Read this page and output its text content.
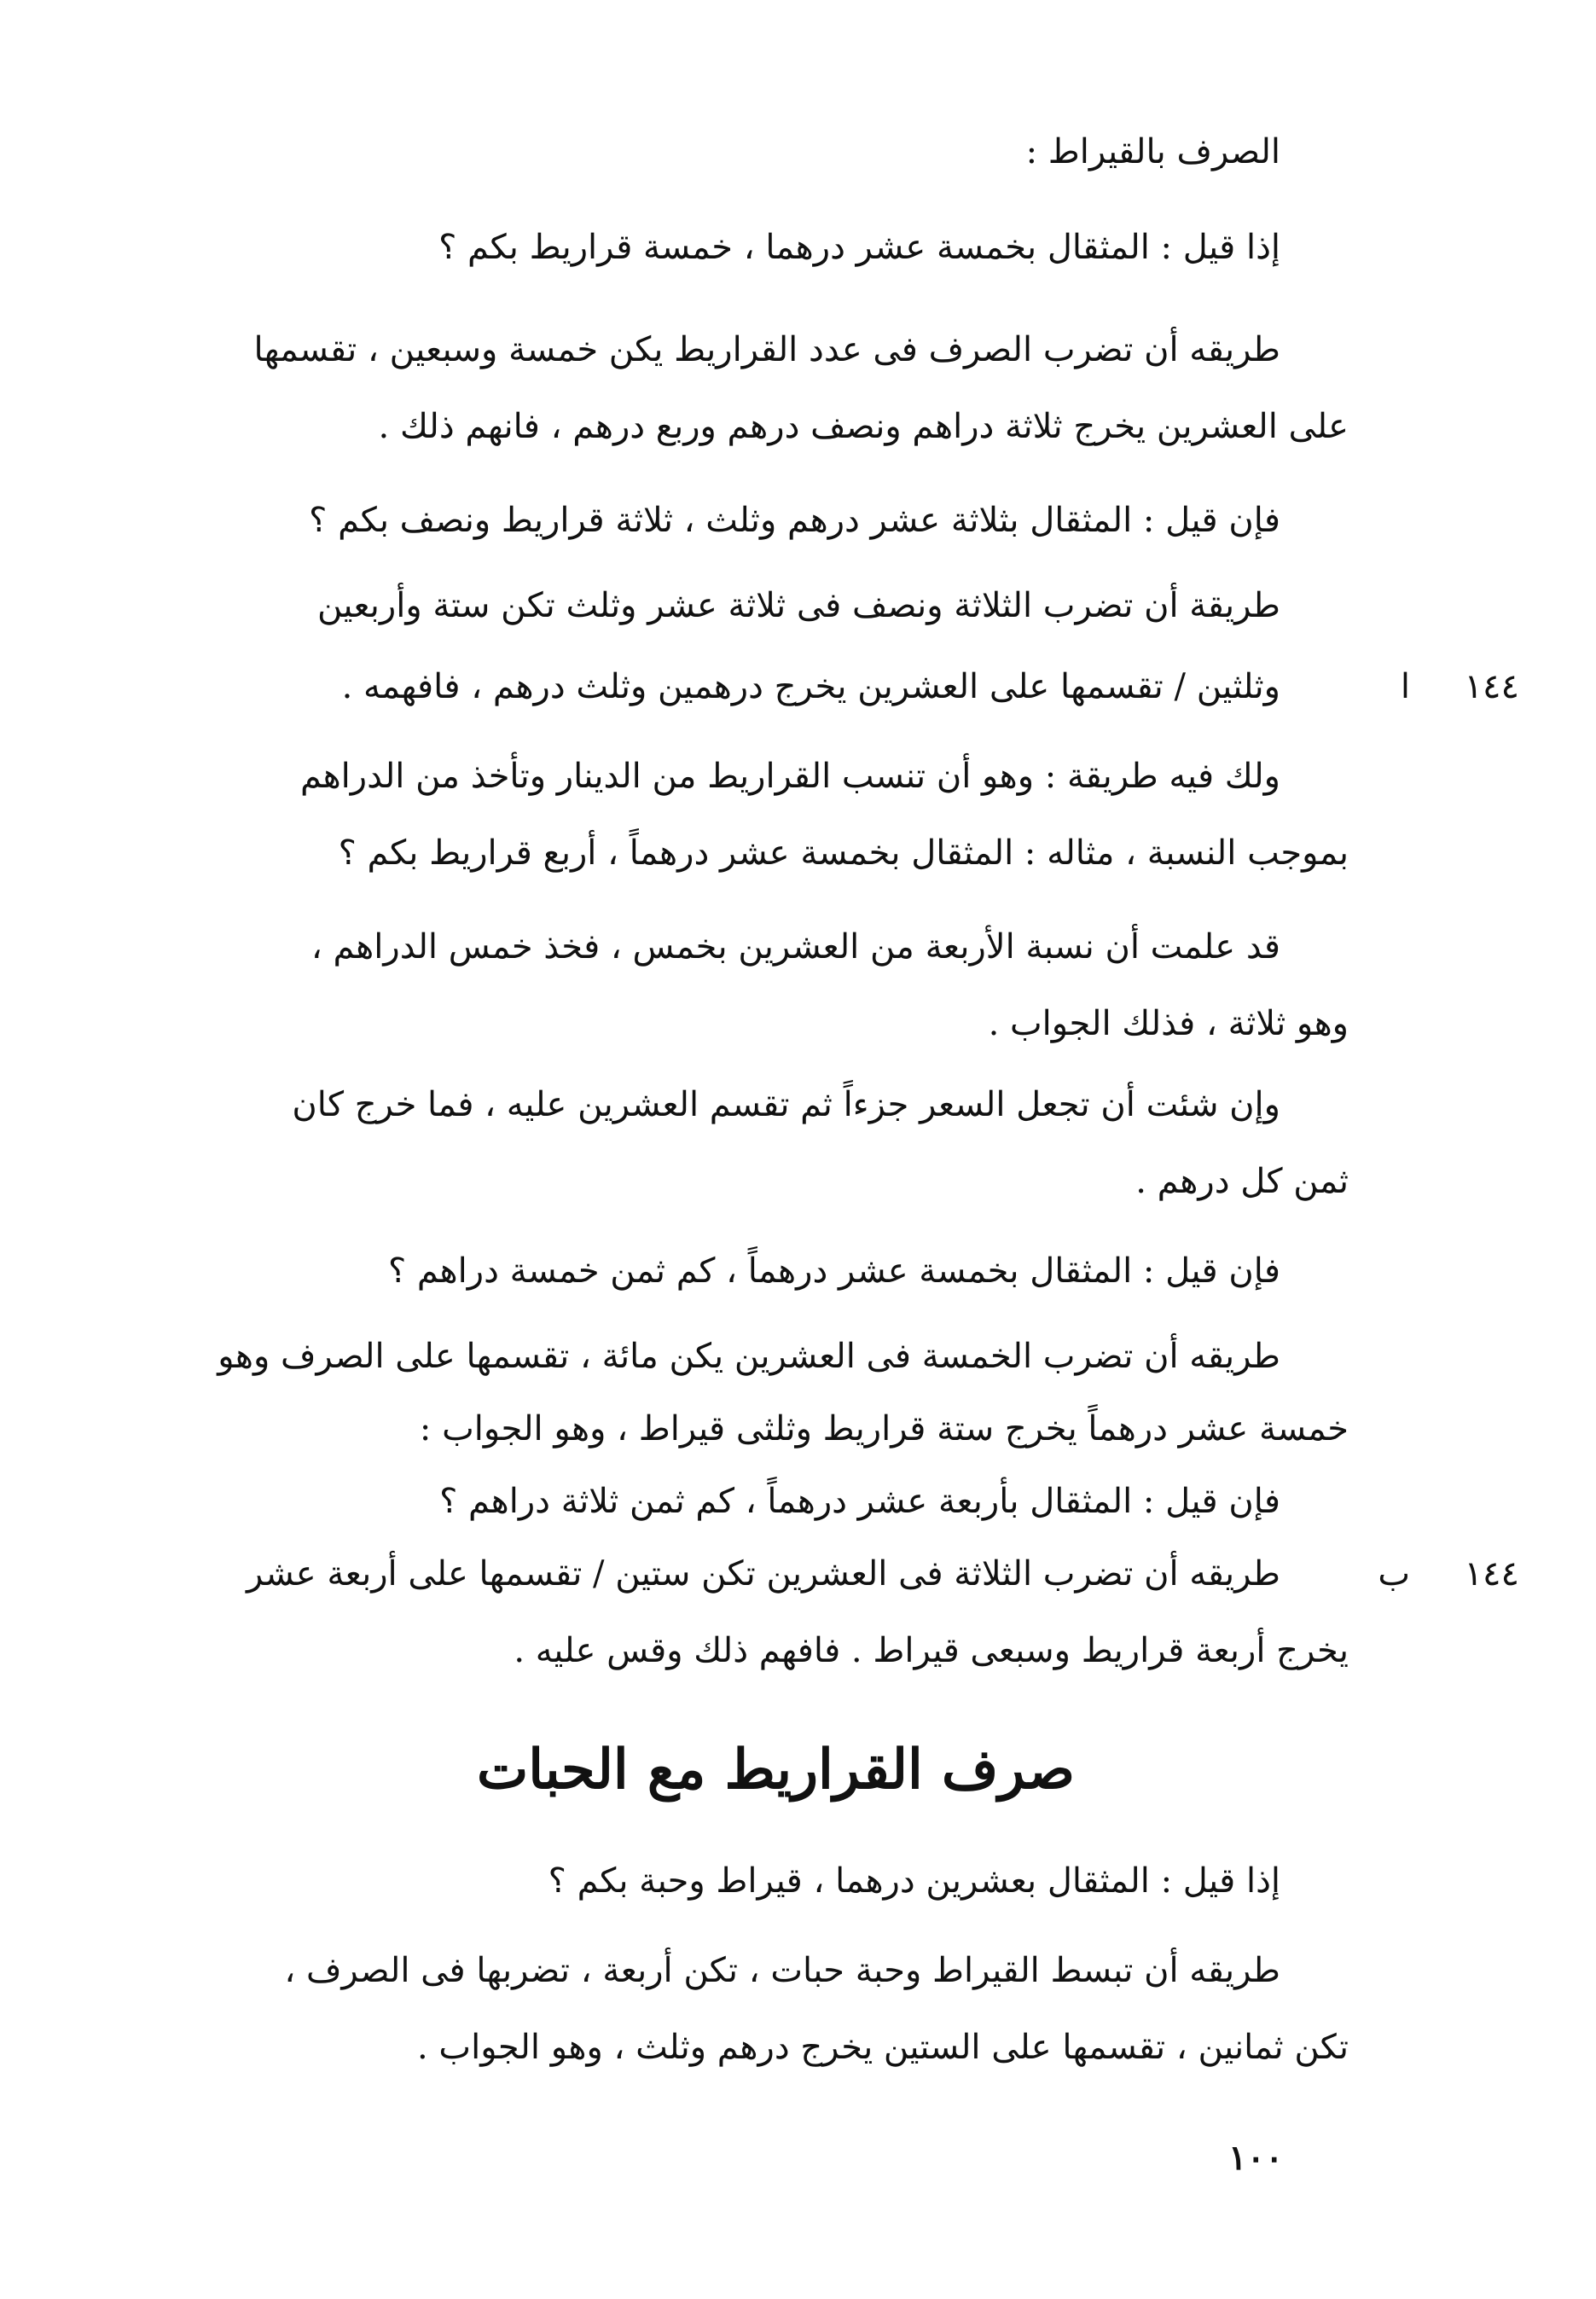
الصرف بالقيراط :
إذا قيل : المثقال بخمسة عشر درهما ، خمسة قراريط بكم ؟
طريقه أن تضرب الصرف فى عدد القراريط يكن خمسة وسبعين ، تقسمها
على العشرين يخرج ثلاثة دراهم ونصف درهم وربع درهم ، فانهم ذلك .
فإن قيل : المثقال بثلاثة عشر درهم وثلث ، ثلاثة قراريط ونصف بكم ؟
طريقة أن تضرب الثلاثة ونصف فى ثلاثة عشر وثلث تكن ستة وأربعين
وثلثين / تقسمها على العشرين يخرج درهمين وثلث درهم ، فافهمه .	١٤٤     ا
ولك فيه طريقة : وهو أن تنسب القراريط من الدينار وتأخذ من الدراهم
بموجب النسبة ، مثاله : المثقال بخمسة عشر درهماً ، أربع قراريط بكم ؟
قد علمت أن نسبة الأربعة من العشرين بخمس ، فخذ خمس الدراهم ،
وهو ثلاثة ، فذلك الجواب .
وإن شئت أن تجعل السعر جزءاً ثم تقسم العشرين عليه ، فما خرج كان
ثمن كل درهم .
فإن قيل : المثقال بخمسة عشر درهماً ، كم ثمن خمسة دراهم ؟
طريقه أن تضرب الخمسة فى العشرين يكن مائة ، تقسمها على الصرف وهو
خمسة عشر درهماً يخرج ستة قراريط وثلثى قيراط ، وهو الجواب :
فإن قيل : المثقال بأربعة عشر درهماً ، كم ثمن ثلاثة دراهم ؟
طريقه أن تضرب الثلاثة فى العشرين تكن ستين / تقسمها على أربعة عشر
يخرج أربعة قراريط وسبعى قيراط . فافهم ذلك وقس عليه .
١٤٤     ب
صرف القراريط مع الحبات
إذا قيل : المثقال بعشرين درهما ، قيراط وحبة بكم ؟
طريقه أن تبسط القيراط وحبة حبات ، تكن أربعة ، تضربها فى الصرف ،
تكن ثمانين ، تقسمها على الستين يخرج درهم وثلث ، وهو الجواب .
١٠٠
